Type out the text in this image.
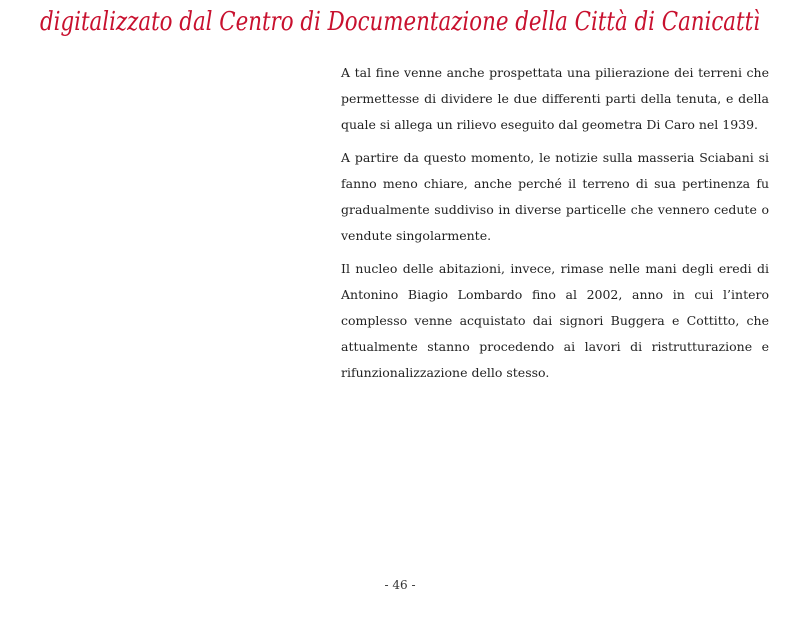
digitalizzato dal Centro di Documentazione della Città di Canicattì

A tal fine venne anche prospettata una pilierazione dei terreni che permettesse di dividere le due differenti parti della tenuta, e della quale si allega un rilievo eseguito dal geometra Di Caro nel 1939.

A partire da questo momento, le notizie sulla masseria Sciabani si fanno meno chiare, anche perché il terreno di sua pertinenza fu gradualmente suddiviso in diverse particelle che vennero cedute o vendute singolarmente.

Il nucleo delle abitazioni, invece, rimase nelle mani degli eredi di Antonino Biagio Lombardo fino al 2002, anno in cui l’intero complesso venne acquistato dai signori Buggera e Cottitto, che attualmente stanno procedendo ai lavori di ristrutturazione e rifunzionalizzazione dello stesso.

- 46 -
